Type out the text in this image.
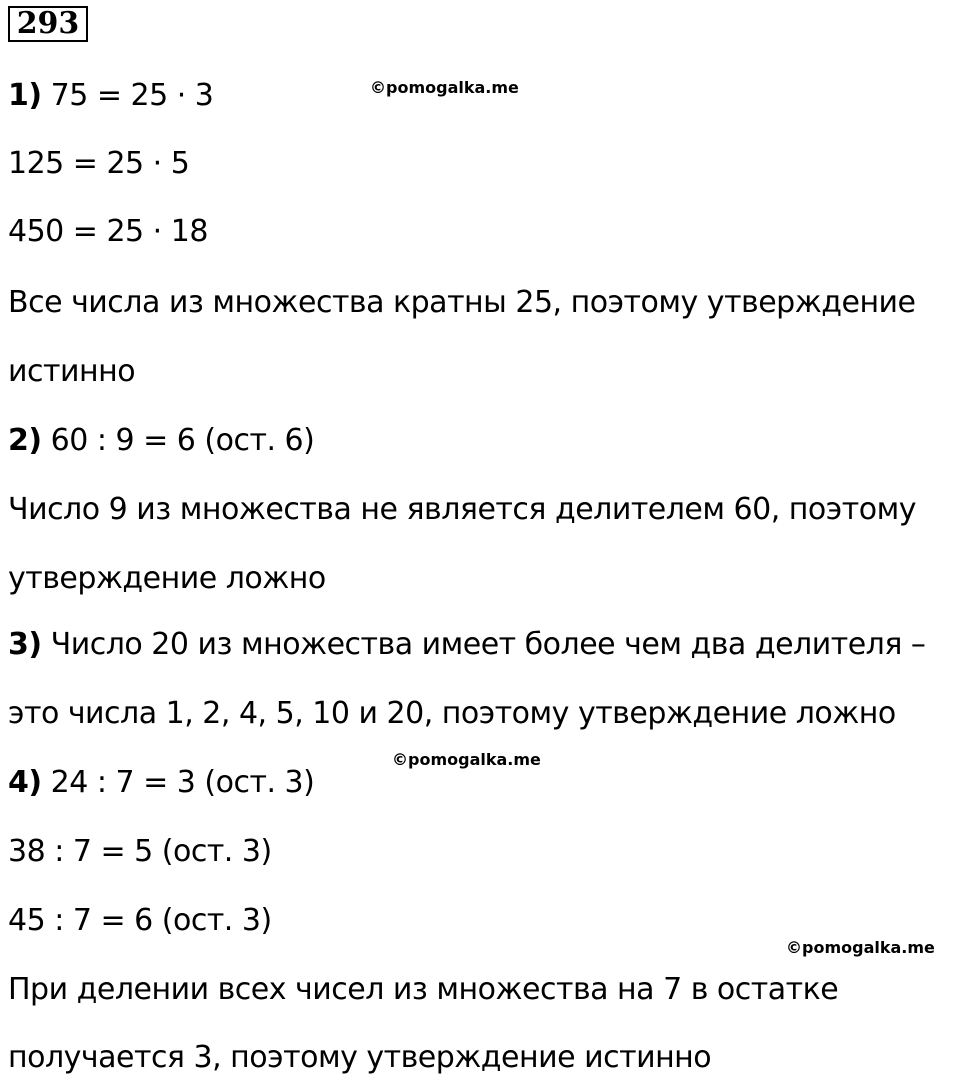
293
©pomogalka.me
©pomogalka.me
©pomogalka.me
1) 75 = 25 · 3
125 = 25 · 5
450 = 25 · 18
Все числа из множества кратны 25, поэтому утверждение
истинно
2) 60 : 9 = 6 (ост. 6)
Число 9 из множества не является делителем 60, поэтому
утверждение ложно
3) Число 20 из множества имеет более чем два делителя –
это числа 1, 2, 4, 5, 10 и 20, поэтому утверждение ложно
4) 24 : 7 = 3 (ост. 3)
38 : 7 = 5 (ост. 3)
45 : 7 = 6 (ост. 3)
При делении всех чисел из множества на 7 в остатке
получается 3, поэтому утверждение истинно
